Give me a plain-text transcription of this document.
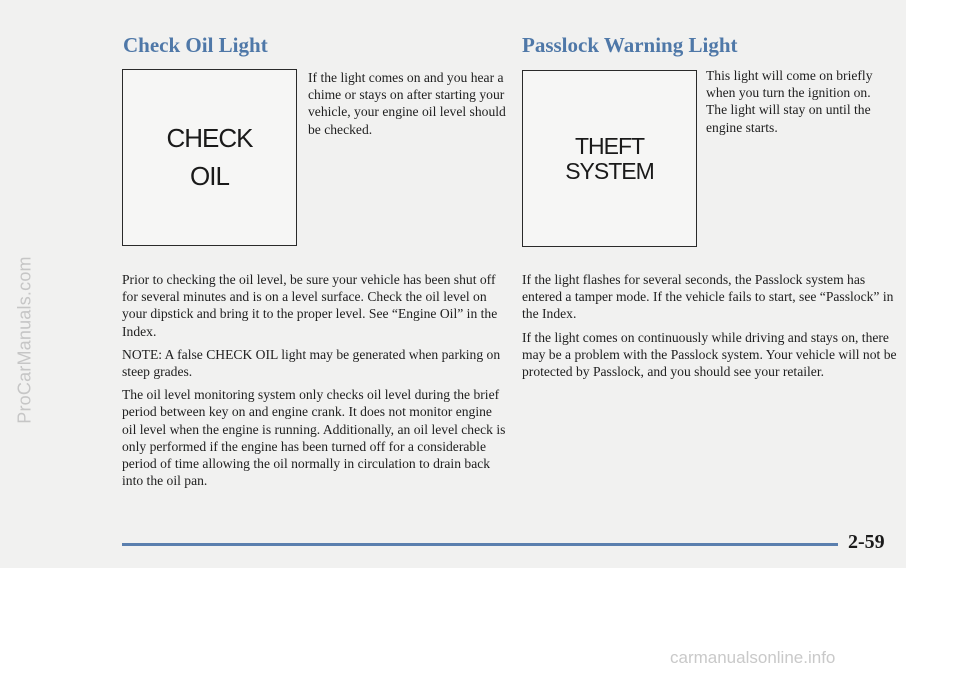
ProCarManuals.com
Check Oil Light	Passlock Warning Light
CHECK
OIL

If the light comes on and you hear a chime or stays on after starting your vehicle, your engine oil level should be checked.

THEFT
SYSTEM

This light will come on briefly when you turn the ignition on. The light will stay on until the engine starts.

Prior to checking the oil level, be sure your vehicle has been shut off for several minutes and is on a level surface. Check the oil level on your dipstick and bring it to the proper level. See “Engine Oil” in the Index.

NOTE: A false CHECK OIL light may be generated when parking on steep grades.

The oil level monitoring system only checks oil level during the brief period between key on and engine crank. It does not monitor engine oil level when the engine is running. Additionally, an oil level check is only performed if the engine has been turned off for a considerable period of time allowing the oil normally in circulation to drain back into the oil pan.

If the light flashes for several seconds, the Passlock system has entered a tamper mode. If the vehicle fails to start, see “Passlock” in the Index.

If the light comes on continuously while driving and stays on, there may be a problem with the Passlock system. Your vehicle will not be protected by Passlock, and you should see your retailer.

2-59
carmanualsonline.info
